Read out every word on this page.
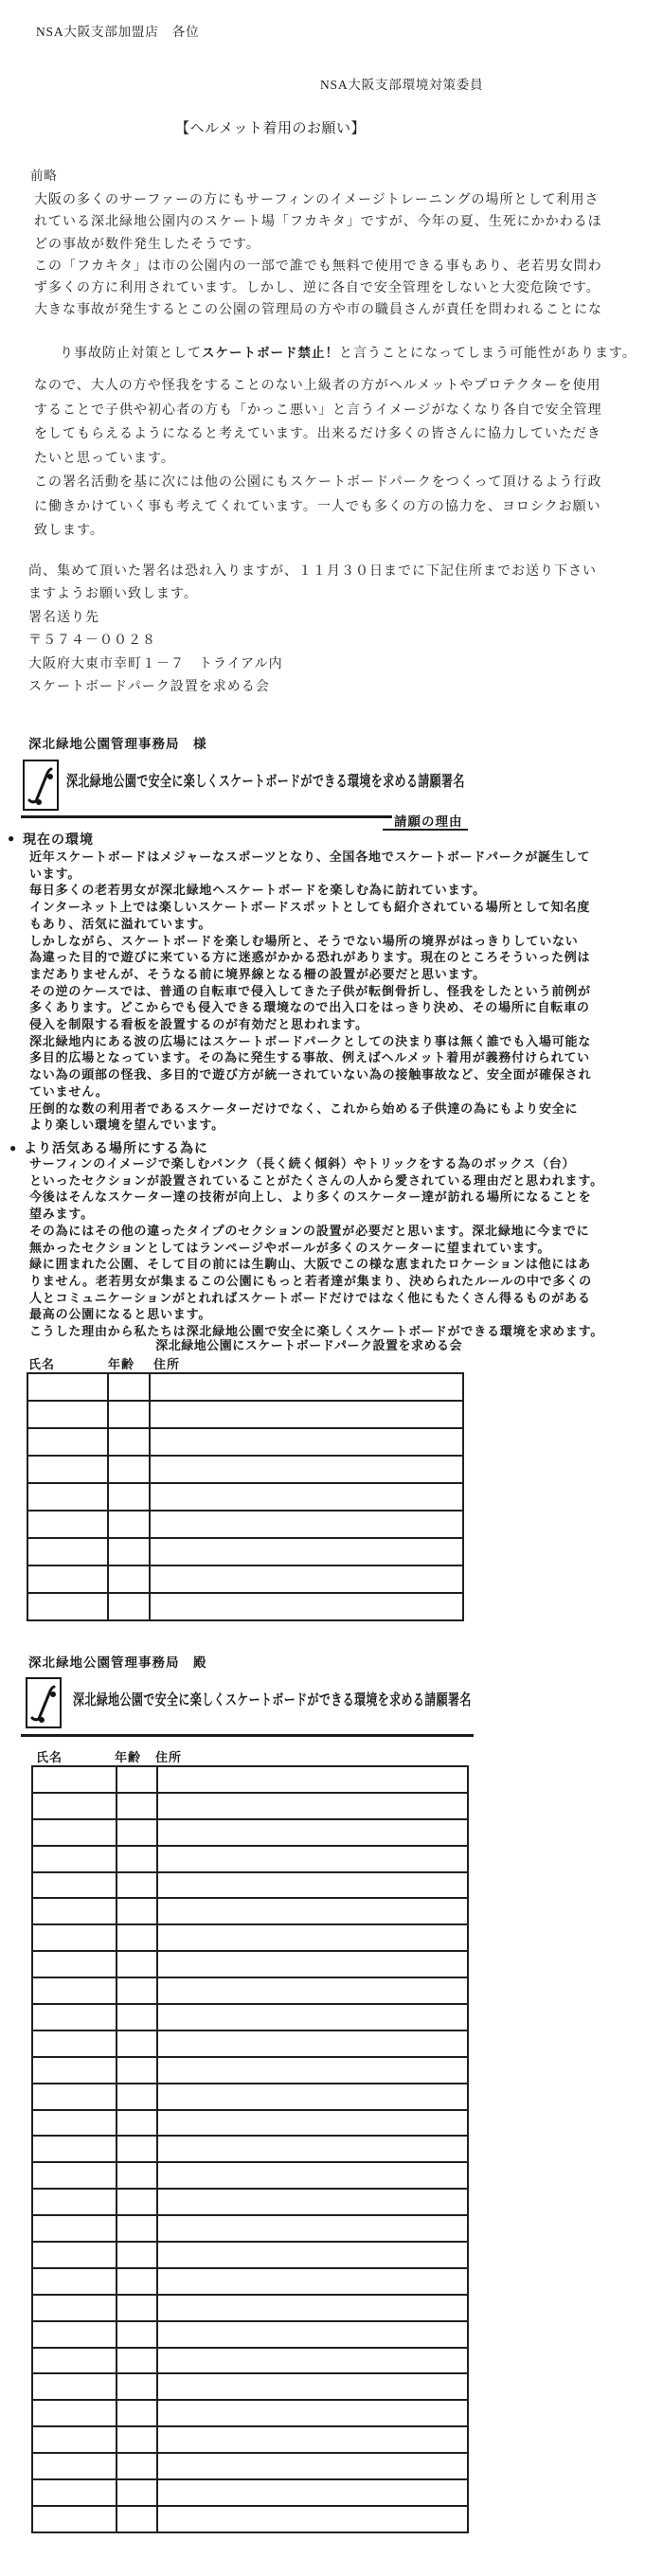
NSA大阪支部加盟店　各位
NSA大阪支部環境対策委員
【ヘルメット着用のお願い】
前略
大阪の多くのサーファーの方にもサーフィンのイメージトレーニングの場所として利用さ
れている深北緑地公園内のスケート場「フカキタ」ですが、今年の夏、生死にかかわるほ
どの事故が数件発生したそうです。
この「フカキタ」は市の公園内の一部で誰でも無料で使用できる事もあり、老若男女問わ
ず多くの方に利用されています。しかし、逆に各自で安全管理をしないと大変危険です。
大きな事故が発生するとこの公園の管理局の方や市の職員さんが責任を問われることにな

り事故防止対策としてスケートボード禁止！と言うことになってしまう可能性があります。

なので、大人の方や怪我をすることのない上級者の方がヘルメットやプロテクターを使用
することで子供や初心者の方も「かっこ悪い」と言うイメージがなくなり各自で安全管理
をしてもらえるようになると考えています。出来るだけ多くの皆さんに協力していただき
たいと思っています。
この署名活動を基に次には他の公園にもスケートボードパークをつくって頂けるよう行政
に働きかけていく事も考えてくれています。一人でも多くの方の協力を、ヨロシクお願い
致します。
尚、集めて頂いた署名は恐れ入りますが、１１月３０日までに下記住所までお送り下さい
ますようお願い致します。
署名送り先
〒５７４－００２８
大阪府大東市幸町１－７　トライアル内
スケートボードパーク設置を求める会
深北緑地公園管理事務局　様
深北緑地公園で安全に楽しくスケートボードができる環境を求める請願署名
請願の理由
● 現在の環境
近年スケートボードはメジャーなスポーツとなり、全国各地でスケートボードパークが誕生して
います。
毎日多くの老若男女が深北緑地へスケートボードを楽しむ為に訪れています。
インターネット上では楽しいスケートボードスポットとしても紹介されている場所として知名度
もあり、活気に溢れています。
しかしながら、スケートボードを楽しむ場所と、そうでない場所の境界がはっきりしていない
為違った目的で遊びに来ている方に迷惑がかかる恐れがあります。現在のところそういった例は
まだありませんが、そうなる前に境界線となる柵の設置が必要だと思います。
その逆のケースでは、普通の自転車で侵入してきた子供が転倒骨折し、怪我をしたという前例が
多くあります。どこからでも侵入できる環境なので出入口をはっきり決め、その場所に自転車の
侵入を制限する看板を設置するのが有効だと思われます。
深北緑地内にある波の広場にはスケートボードパークとしての決まり事は無く誰でも入場可能な
多目的広場となっています。その為に発生する事故、例えばヘルメット着用が義務付けられてい
ない為の頭部の怪我、多目的で遊び方が統一されていない為の接触事故など、安全面が確保され
ていません。
圧倒的な数の利用者であるスケーターだけでなく、これから始める子供達の為にもより安全に
より楽しい環境を望んでいます。
● より活気ある場所にする為に
サーフィンのイメージで楽しむバンク（長く続く傾斜）やトリックをする為のボックス（台）
といったセクションが設置されていることがたくさんの人から愛されている理由だと思われます。
今後はそんなスケーター達の技術が向上し、より多くのスケーター達が訪れる場所になることを
望みます。
その為にはその他の違ったタイプのセクションの設置が必要だと思います。深北緑地に今までに
無かったセクションとしてはランページやボールが多くのスケーターに望まれています。
緑に囲まれた公園、そして目の前には生駒山、大阪でこの様な恵まれたロケーションは他にはあ
りません。老若男女が集まるこの公園にもっと若者達が集まり、決められたルールの中で多くの
人とコミュニケーションがとれればスケートボードだけではなく他にもたくさん得るものがある
最高の公園になると思います。
こうした理由から私たちは深北緑地公園で安全に楽しくスケートボードができる環境を求めます。
深北緑地公園にスケートボードパーク設置を求める会
氏名	年齢 住所

深北緑地公園管理事務局　殿
深北緑地公園で安全に楽しくスケートボードができる環境を求める請願署名
氏名	年齢 住所
